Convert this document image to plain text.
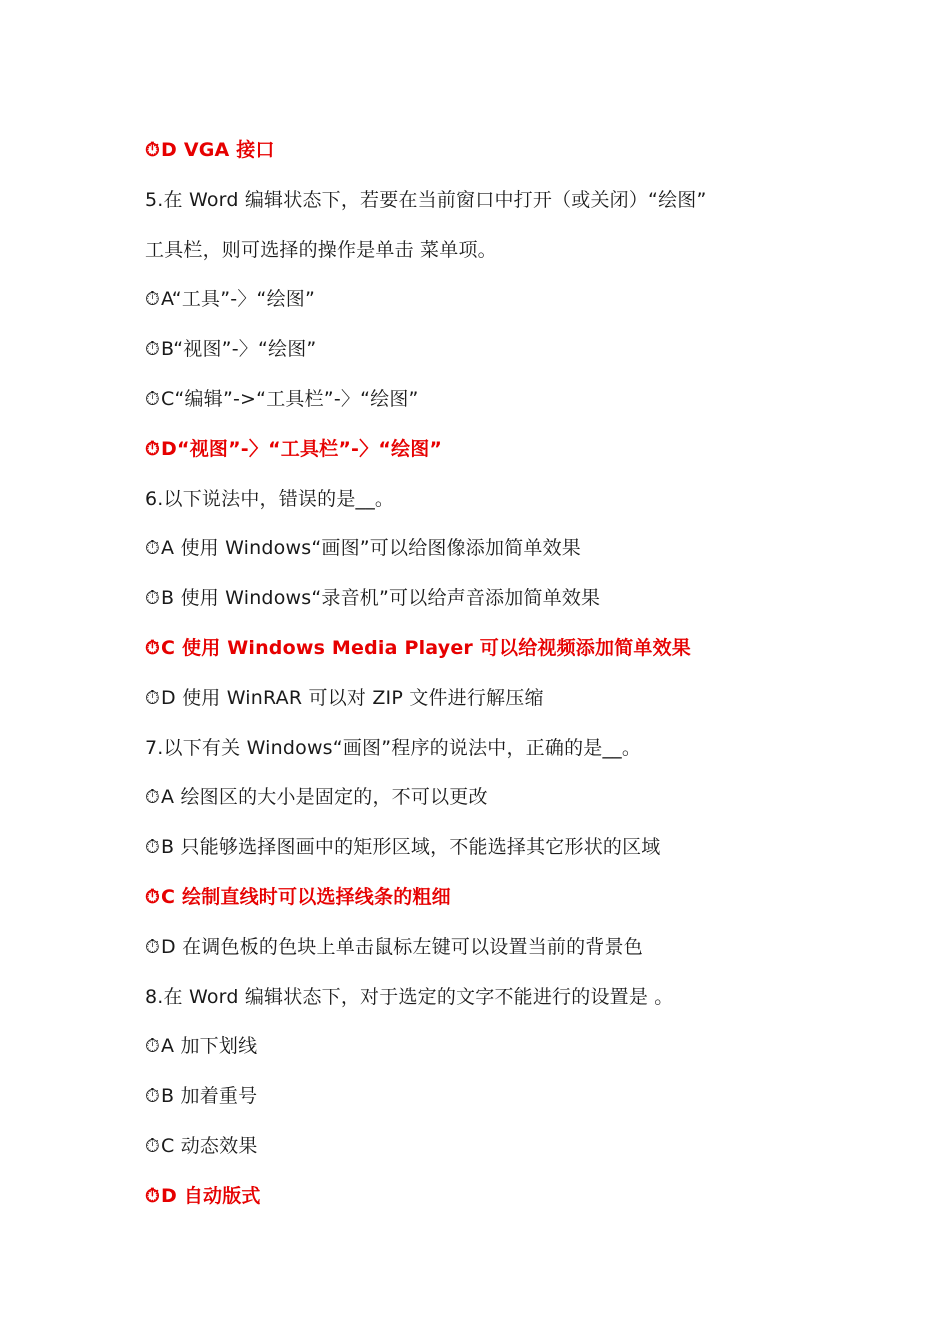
⏱D VGA 接口
5.在 Word 编辑状态下，若要在当前窗口中打开（或关闭）“绘图”
工具栏，则可选择的操作是单击 菜单项。
⏱A“工具”-〉“绘图”
⏱B“视图”-〉“绘图”
⏱C“编辑”->“工具栏”-〉“绘图”
⏱D“视图”-〉“工具栏”-〉“绘图”
6.以下说法中，错误的是__。
⏱A 使用 Windows“画图”可以给图像添加简单效果
⏱B 使用 Windows“录音机”可以给声音添加简单效果
⏱C 使用 Windows Media Player 可以给视频添加简单效果
⏱D 使用 WinRAR 可以对 ZIP 文件进行解压缩
7.以下有关 Windows“画图”程序的说法中，正确的是__。
⏱A 绘图区的大小是固定的，不可以更改
⏱B 只能够选择图画中的矩形区域，不能选择其它形状的区域
⏱C 绘制直线时可以选择线条的粗细
⏱D 在调色板的色块上单击鼠标左键可以设置当前的背景色
8.在 Word 编辑状态下，对于选定的文字不能进行的设置是 。
⏱A 加下划线
⏱B 加着重号
⏱C 动态效果
⏱D 自动版式
